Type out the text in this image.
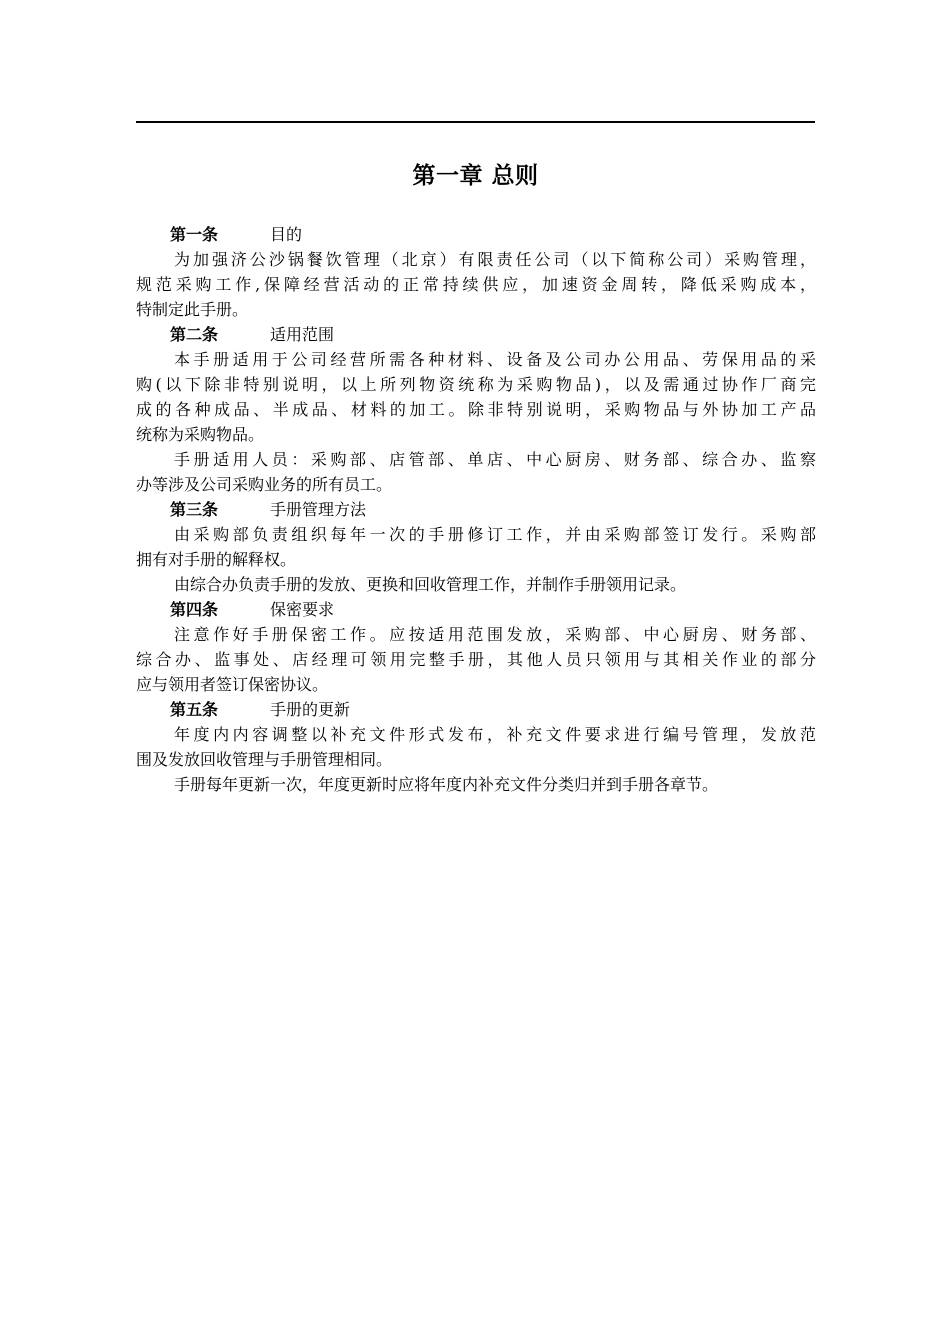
第一章 总则
第一条	目的
为加强济公沙锅餐饮管理（北京）有限责任公司（以下简称公司）采购管理，
规范采购工作,保障经营活动的正常持续供应，加速资金周转，降低采购成本，
特制定此手册。
第二条	适用范围
本手册适用于公司经营所需各种材料、设备及公司办公用品、劳保用品的采
购(以下除非特别说明，以上所列物资统称为采购物品)，以及需通过协作厂商完
成的各种成品、半成品、材料的加工。除非特别说明，采购物品与外协加工产品
统称为采购物品。
手册适用人员：采购部、店管部、单店、中心厨房、财务部、综合办、监察
办等涉及公司采购业务的所有员工。
第三条	手册管理方法
由采购部负责组织每年一次的手册修订工作，并由采购部签订发行。采购部
拥有对手册的解释权。
由综合办负责手册的发放、更换和回收管理工作，并制作手册领用记录。
第四条	保密要求
注意作好手册保密工作。应按适用范围发放，采购部、中心厨房、财务部、
综合办、监事处、店经理可领用完整手册，其他人员只领用与其相关作业的部分
应与领用者签订保密协议。
第五条	手册的更新
年度内内容调整以补充文件形式发布，补充文件要求进行编号管理，发放范
围及发放回收管理与手册管理相同。
手册每年更新一次，年度更新时应将年度内补充文件分类归并到手册各章节。
